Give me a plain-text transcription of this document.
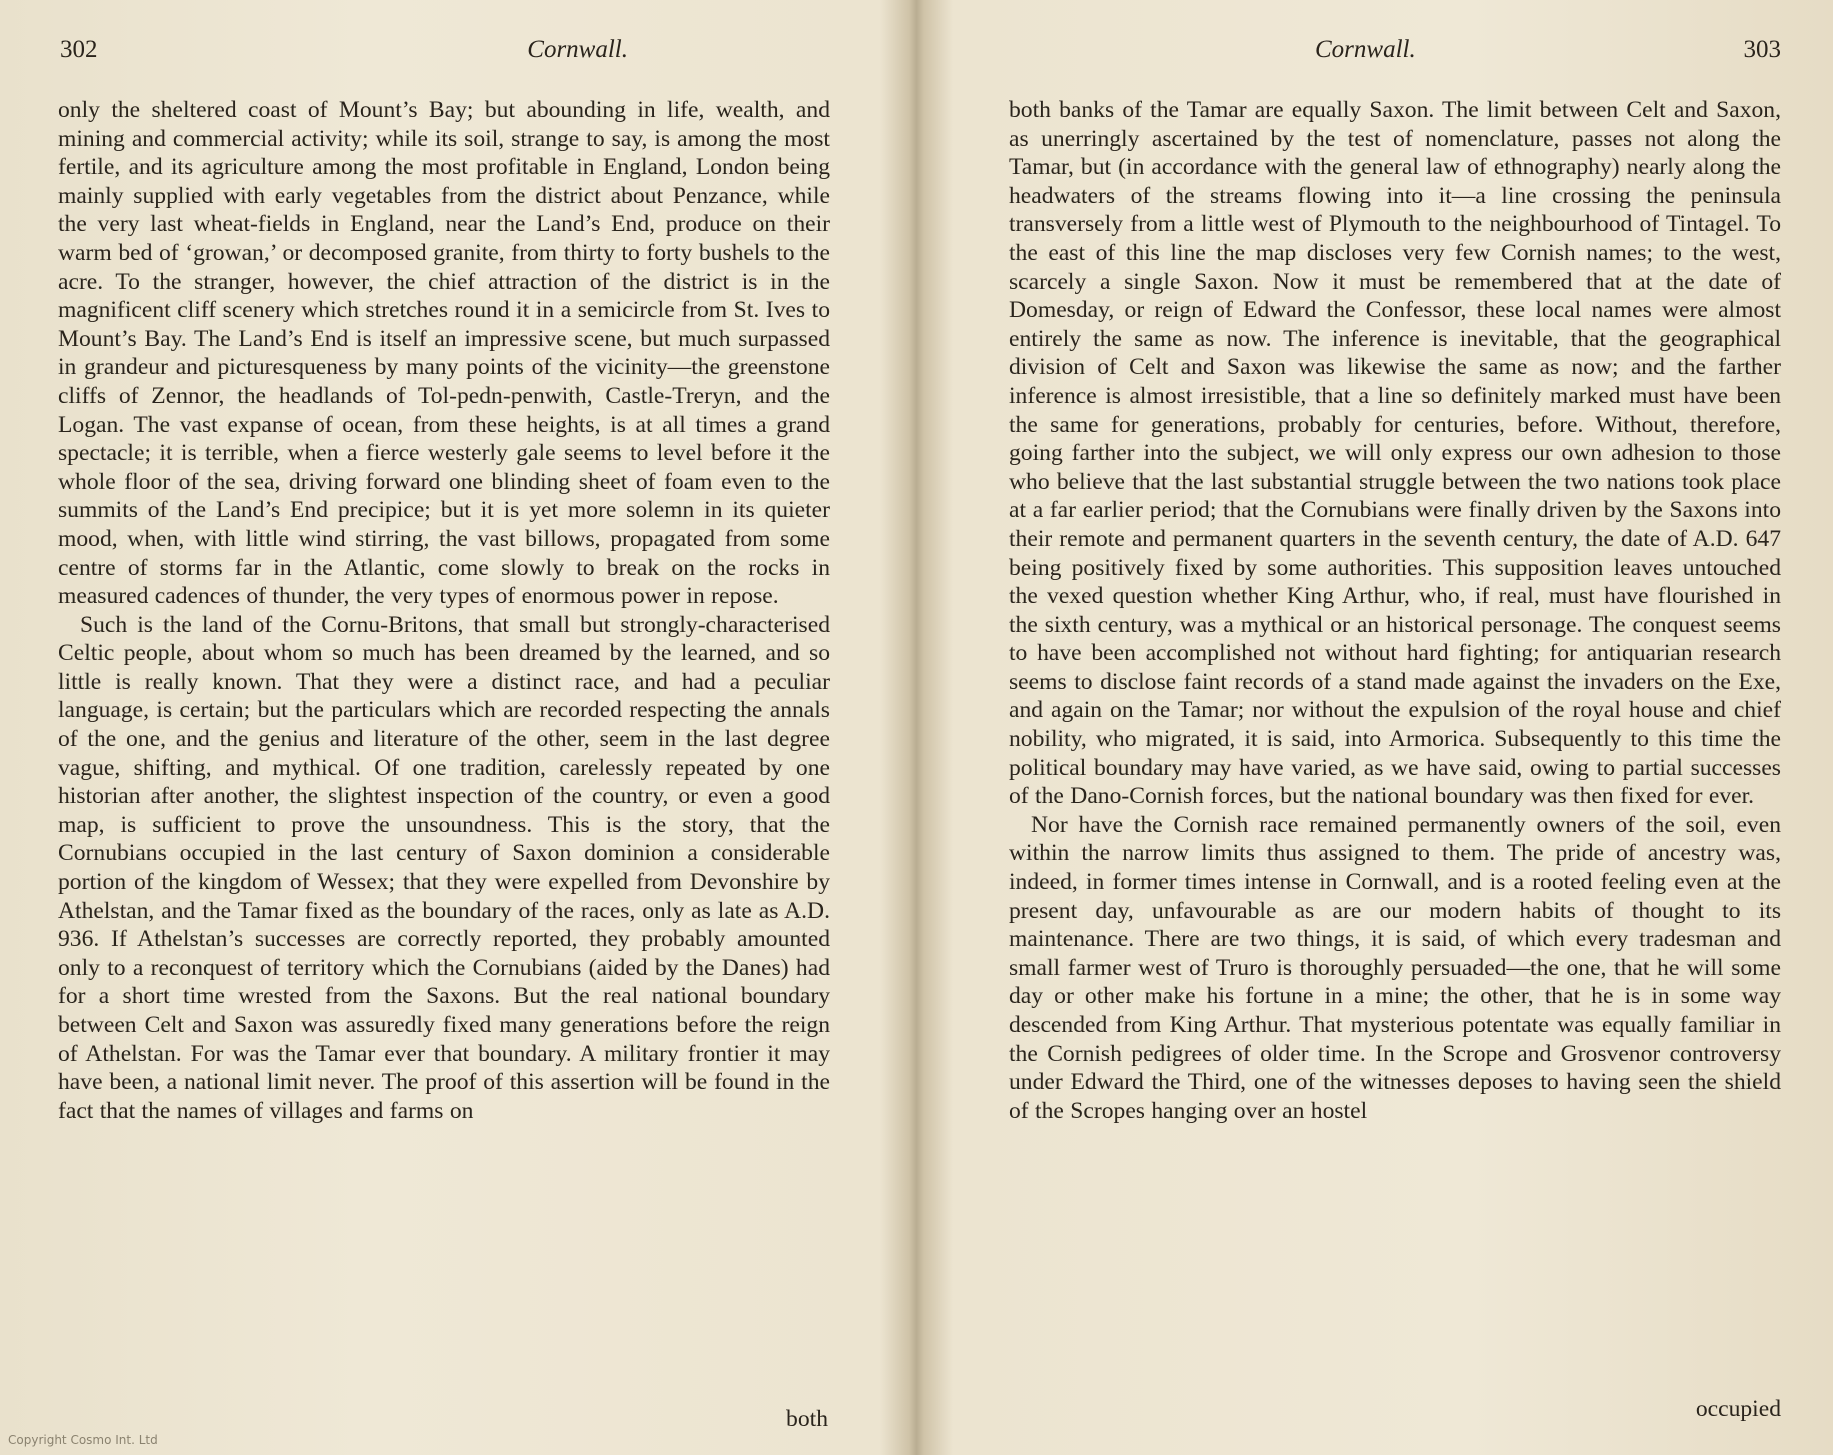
302	Cornwall.

only the sheltered coast of Mount’s Bay; but abounding in life, wealth, and mining and commercial activity; while its soil, strange to say, is among the most fertile, and its agriculture among the most profitable in England, London being mainly supplied with early vegetables from the district about Penzance, while the very last wheat-fields in England, near the Land’s End, produce on their warm bed of ‘growan,’ or decomposed granite, from thirty to forty bushels to the acre. To the stranger, however, the chief attraction of the district is in the magnificent cliff scenery which stretches round it in a semicircle from St. Ives to Mount’s Bay. The Land’s End is itself an impressive scene, but much surpassed in grandeur and picturesqueness by many points of the vicinity—the greenstone cliffs of Zennor, the headlands of Tol-pedn-penwith, Castle-Treryn, and the Logan. The vast expanse of ocean, from these heights, is at all times a grand spectacle; it is terrible, when a fierce westerly gale seems to level before it the whole floor of the sea, driving forward one blinding sheet of foam even to the summits of the Land’s End precipice; but it is yet more solemn in its quieter mood, when, with little wind stirring, the vast billows, propagated from some centre of storms far in the Atlantic, come slowly to break on the rocks in measured cadences of thunder, the very types of enormous power in repose.

Such is the land of the Cornu-Britons, that small but strongly-characterised Celtic people, about whom so much has been dreamed by the learned, and so little is really known. That they were a distinct race, and had a peculiar language, is certain; but the particulars which are recorded respecting the annals of the one, and the genius and literature of the other, seem in the last degree vague, shifting, and mythical. Of one tradition, carelessly repeated by one historian after another, the slightest inspection of the country, or even a good map, is sufficient to prove the unsoundness. This is the story, that the Cornubians occupied in the last century of Saxon dominion a considerable portion of the kingdom of Wessex; that they were expelled from Devonshire by Athelstan, and the Tamar fixed as the boundary of the races, only as late as A.D. 936. If Athelstan’s successes are correctly reported, they probably amounted only to a reconquest of territory which the Cornubians (aided by the Danes) had for a short time wrested from the Saxons. But the real national boundary between Celt and Saxon was assuredly fixed many generations before the reign of Athelstan. For was the Tamar ever that boundary. A military frontier it may have been, a national limit never. The proof of this assertion will be found in the fact that the names of villages and farms on

both
Cornwall.	303

both banks of the Tamar are equally Saxon. The limit between Celt and Saxon, as unerringly ascertained by the test of nomenclature, passes not along the Tamar, but (in accordance with the general law of ethnography) nearly along the headwaters of the streams flowing into it—a line crossing the peninsula transversely from a little west of Plymouth to the neighbourhood of Tintagel. To the east of this line the map discloses very few Cornish names; to the west, scarcely a single Saxon. Now it must be remembered that at the date of Domesday, or reign of Edward the Confessor, these local names were almost entirely the same as now. The inference is inevitable, that the geographical division of Celt and Saxon was likewise the same as now; and the farther inference is almost irresistible, that a line so definitely marked must have been the same for generations, probably for centuries, before. Without, therefore, going farther into the subject, we will only express our own adhesion to those who believe that the last substantial struggle between the two nations took place at a far earlier period; that the Cornubians were finally driven by the Saxons into their remote and permanent quarters in the seventh century, the date of A.D. 647 being positively fixed by some authorities. This supposition leaves untouched the vexed question whether King Arthur, who, if real, must have flourished in the sixth century, was a mythical or an historical personage. The conquest seems to have been accomplished not without hard fighting; for antiquarian research seems to disclose faint records of a stand made against the invaders on the Exe, and again on the Tamar; nor without the expulsion of the royal house and chief nobility, who migrated, it is said, into Armorica. Subsequently to this time the political boundary may have varied, as we have said, owing to partial successes of the Dano-Cornish forces, but the national boundary was then fixed for ever.

Nor have the Cornish race remained permanently owners of the soil, even within the narrow limits thus assigned to them. The pride of ancestry was, indeed, in former times intense in Cornwall, and is a rooted feeling even at the present day, unfavourable as are our modern habits of thought to its maintenance. There are two things, it is said, of which every tradesman and small farmer west of Truro is thoroughly persuaded—the one, that he will some day or other make his fortune in a mine; the other, that he is in some way descended from King Arthur. That mysterious potentate was equally familiar in the Cornish pedigrees of older time. In the Scrope and Grosvenor controversy under Edward the Third, one of the witnesses deposes to having seen the shield of the Scropes hanging over an hostel

occupied
Copyright Cosmo Int. Ltd
